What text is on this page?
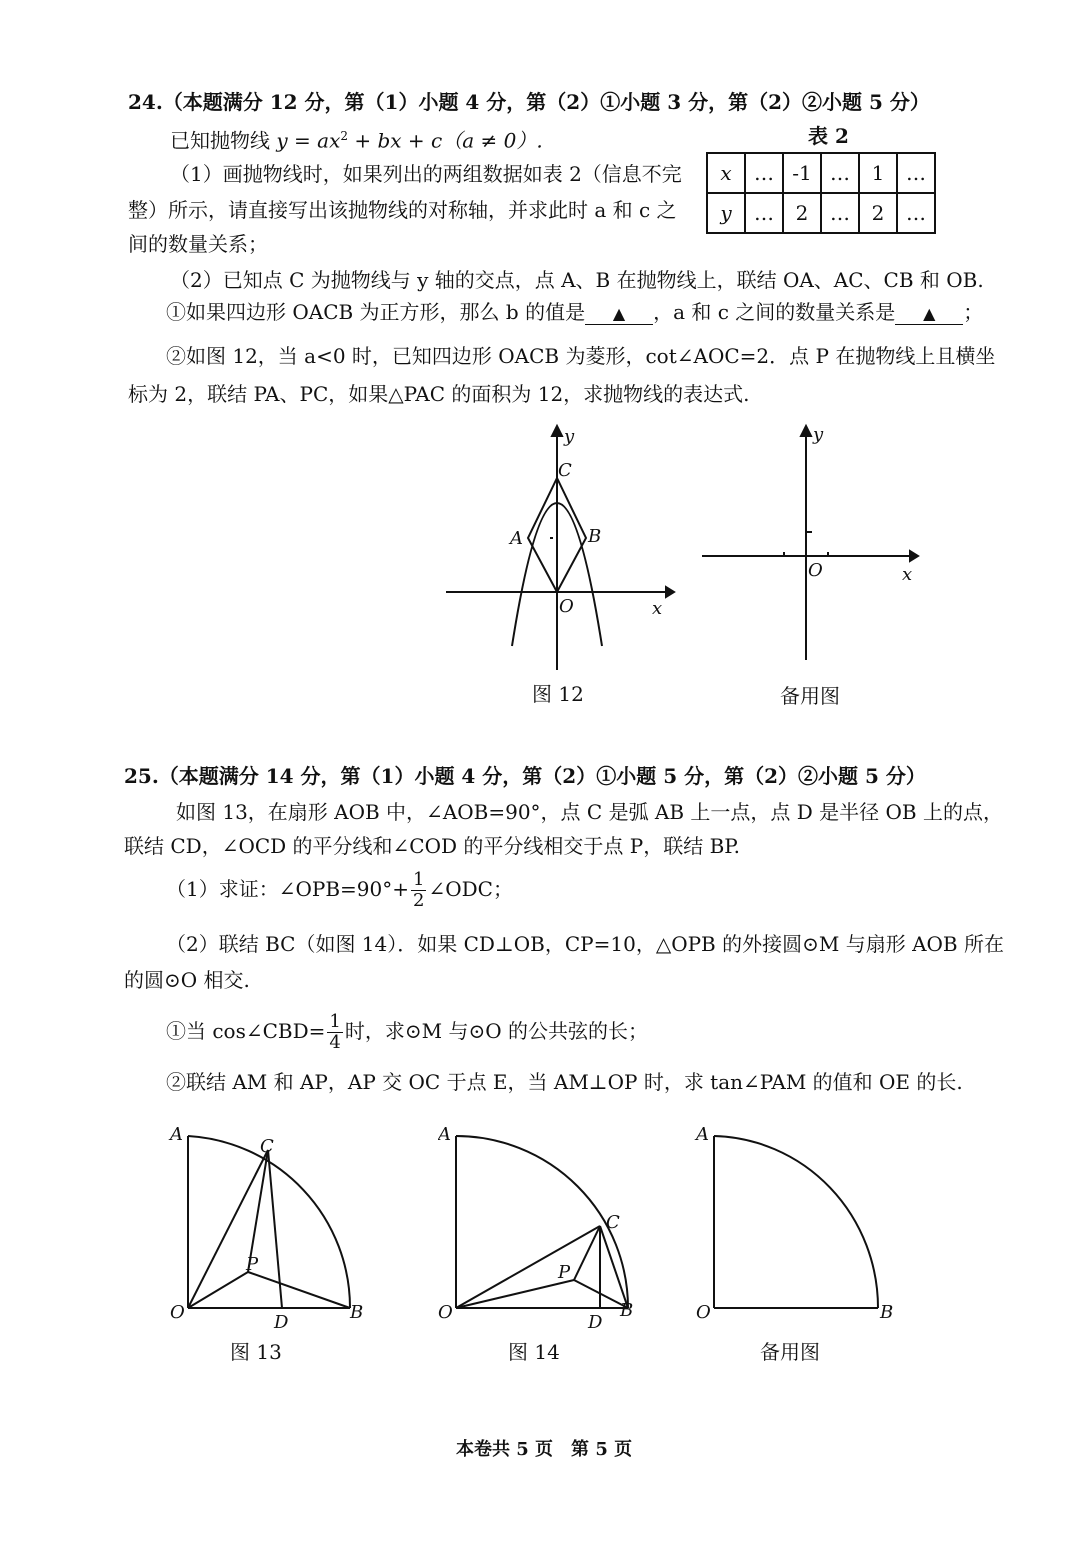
24.（本题满分 12 分，第（1）小题 4 分，第（2）①小题 3 分，第（2）②小题 5 分）
已知抛物线 $y = ax^2$ + bx + c（a ≠ 0）.	表 2
x	…	-1	…	1	…
y	…	2	…	2	…
（1）画抛物线时，如果列出的两组数据如表 2（信息不完
整）所示，请直接写出该抛物线的对称轴，并求此时 a 和 c 之
间的数量关系；
（2）已知点 C 为抛物线与 y 轴的交点，点 A、B 在抛物线上，联结 OA、AC、CB 和 OB.
①如果四边形 OACB 为正方形，那么 b 的值是 ▲ ，a 和 c 之间的数量关系是 ▲ ；
②如图 12，当 a<0 时，已知四边形 OACB 为菱形，cot∠AOC=2．点 P 在抛物线上且横坐
标为 2，联结 PA、PC，如果△PAC 的面积为 12，求抛物线的表达式.
y
x
O
C
A	B
图 12
y
x
O
备用图
25.（本题满分 14 分，第（1）小题 4 分，第（2）①小题 5 分，第（2）②小题 5 分）
如图 13，在扇形 AOB 中，∠AOB=90°，点 C 是弧 AB 上一点，点 D 是半径 OB 上的点，
联结 CD，∠OCD 的平分线和∠COD 的平分线相交于点 P，联结 BP.
（1）求证：∠OPB=90°+ $\frac{1}{2}$ ∠ODC；
（2）联结 BC（如图 14）．如果 CD⊥OB，CP=10，△OPB 的外接圆⊙M 与扇形 AOB 所在
的圆⊙O 相交.
①当 cos∠CBD= $\frac{1}{4}$ 时，求⊙M 与⊙O 的公共弦的长；
②联结 AM 和 AP，AP 交 OC 于点 E，当 AM⊥OP 时，求 tan∠PAM 的值和 OE 的长.
A
C
P
O	D	B
图 13
A
C
P
O	D
B
图 14
A
O	B
备用图
本卷共 5 页　第 5 页
